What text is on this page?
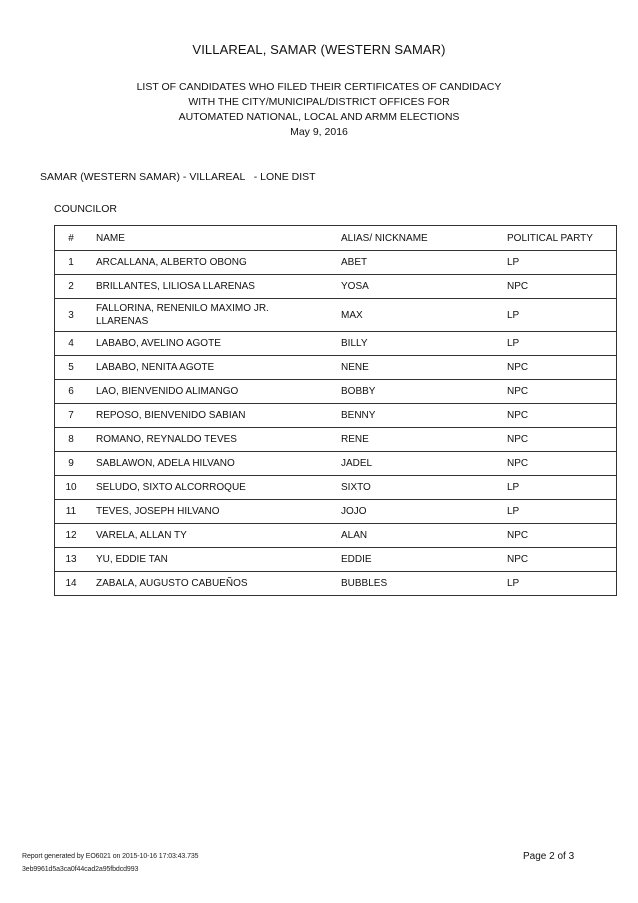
VILLAREAL, SAMAR (WESTERN SAMAR)
LIST OF CANDIDATES WHO FILED THEIR CERTIFICATES OF CANDIDACY
WITH THE CITY/MUNICIPAL/DISTRICT OFFICES FOR
AUTOMATED NATIONAL, LOCAL AND ARMM ELECTIONS
May 9, 2016
SAMAR (WESTERN SAMAR) - VILLAREAL   - LONE DIST
COUNCILOR
#	NAME	ALIAS/ NICKNAME	POLITICAL PARTY
1	ARCALLANA, ALBERTO OBONG	ABET	LP
2	BRILLANTES, LILIOSA LLARENAS	YOSA	NPC
3	FALLORINA, RENENILO MAXIMO JR.
LLARENAS	MAX	LP
4	LABABO, AVELINO AGOTE	BILLY	LP
5	LABABO, NENITA AGOTE	NENE	NPC
6	LAO, BIENVENIDO ALIMANGO	BOBBY	NPC
7	REPOSO, BIENVENIDO SABIAN	BENNY	NPC
8	ROMANO, REYNALDO TEVES	RENE	NPC
9	SABLAWON, ADELA HILVANO	JADEL	NPC
10	SELUDO, SIXTO ALCORROQUE	SIXTO	LP
11	TEVES, JOSEPH HILVANO	JOJO	LP
12	VARELA, ALLAN TY	ALAN	NPC
13	YU, EDDIE TAN	EDDIE	NPC
14	ZABALA, AUGUSTO CABUEÑOS	BUBBLES	LP
Report generated by EO6021 on 2015-10-16 17:03:43.735
3eb9961d5a3ca0f44cad2a95fbdcd993
Page 2 of 3
